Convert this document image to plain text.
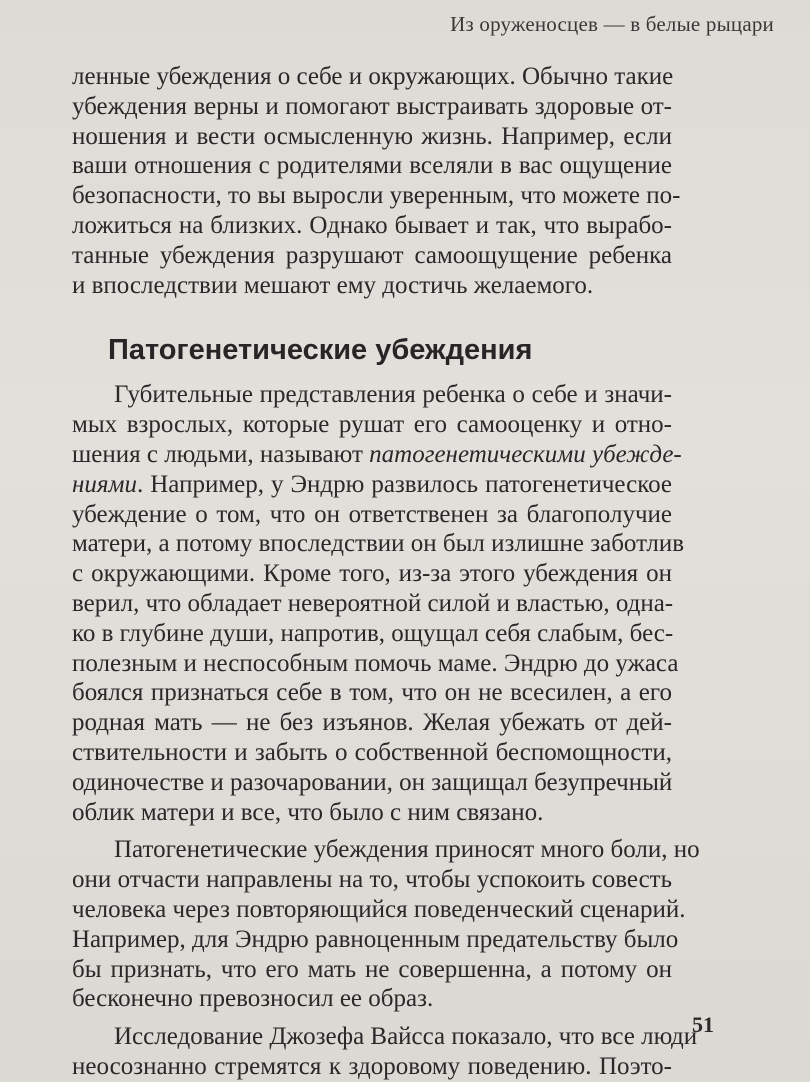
Из оруженосцев — в белые рыцари
ленные убеждения о себе и окружающих. Обычно такие
убеждения верны и помогают выстраивать здоровые от-
ношения и вести осмысленную жизнь. Например, если
ваши отношения с родителями вселяли в вас ощущение
безопасности, то вы выросли уверенным, что можете по-
ложиться на близких. Однако бывает и так, что вырабо-
танные убеждения разрушают самоощущение ребенка
и впоследствии мешают ему достичь желаемого.
Патогенетические убеждения
Губительные представления ребенка о себе и значи-
мых взрослых, которые рушат его самооценку и отно-
шения с людьми, называют патогенетическими убежде-
ниями. Например, у Эндрю развилось патогенетическое
убеждение о том, что он ответственен за благополучие
матери, а потому впоследствии он был излишне заботлив
с окружающими. Кроме того, из-за этого убеждения он
верил, что обладает невероятной силой и властью, одна-
ко в глубине души, напротив, ощущал себя слабым, бес-
полезным и неспособным помочь маме. Эндрю до ужаса
боялся признаться себе в том, что он не всесилен, а его
родная мать — не без изъянов. Желая убежать от дей-
ствительности и забыть о собственной беспомощности,
одиночестве и разочаровании, он защищал безупречный
облик матери и все, что было с ним связано.
Патогенетические убеждения приносят много боли, но
они отчасти направлены на то, чтобы успокоить совесть
человека через повторяющийся поведенческий сценарий.
Например, для Эндрю равноценным предательству было
бы признать, что его мать не совершенна, а потому он
бесконечно превозносил ее образ.
Исследование Джозефа Вайсса показало, что все люди
неосознанно стремятся к здоровому поведению. Поэто-
51
